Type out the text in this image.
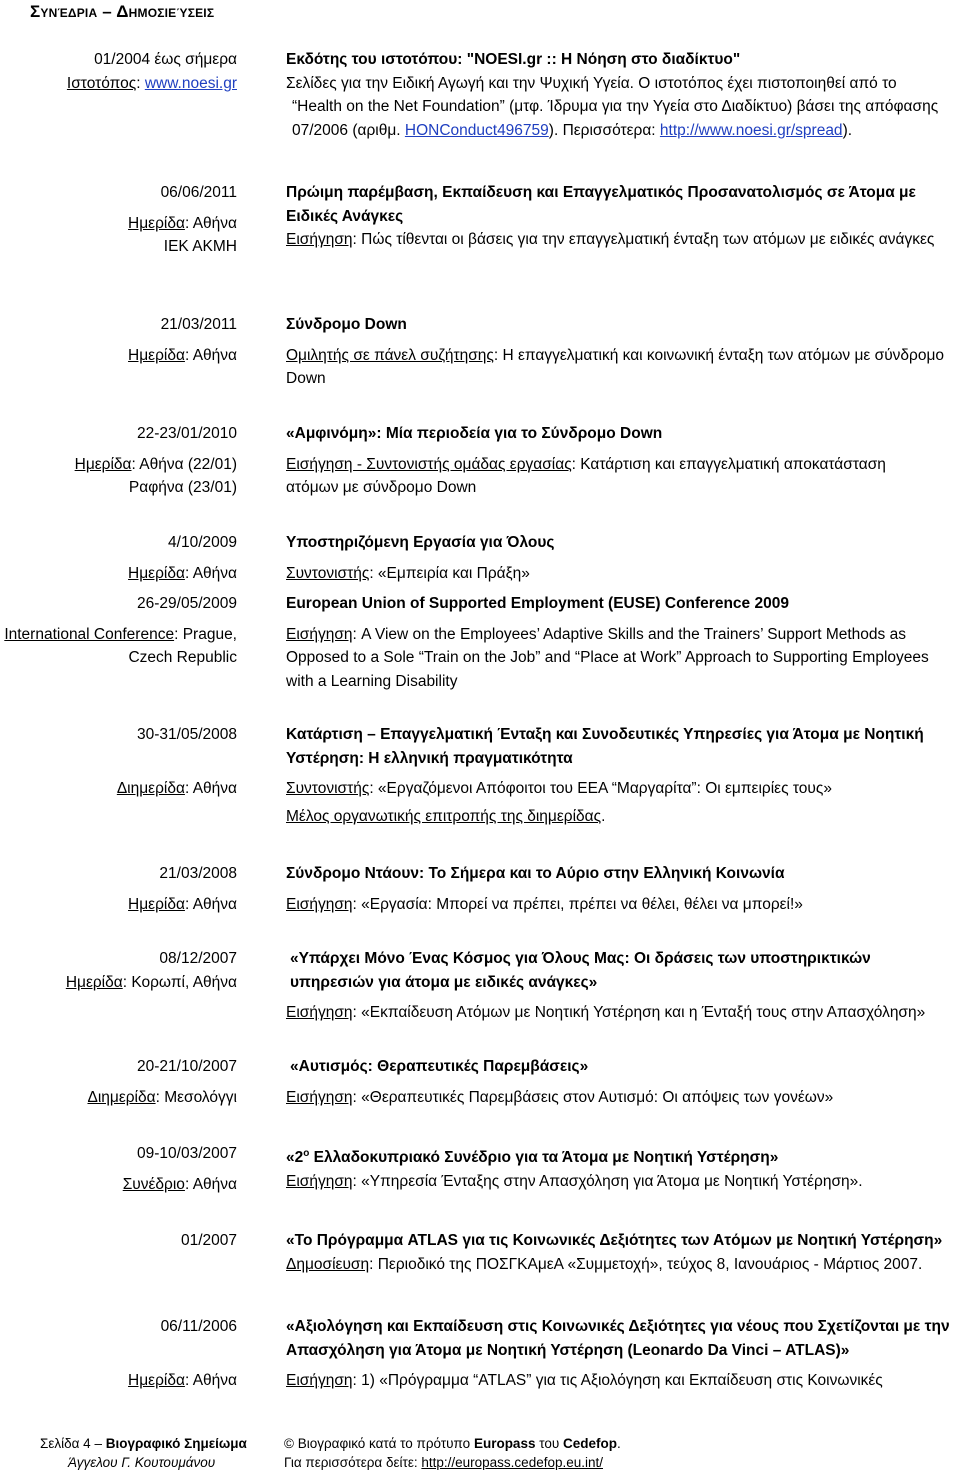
Συνέδρια – Δημοσιεύσεις
01/2004 έως σήμερα
Ιστοτόπος: www.noesi.gr
Εκδότης του ιστοτόπου: "NOESI.gr :: Η Νόηση στο διαδίκτυο"
Σελίδες για την Ειδική Αγωγή και την Ψυχική Υγεία. Ο ιστοτόπος έχει πιστοποιηθεί από το
“Health on the Net Foundation” (μτφ. Ίδρυμα για την Υγεία στο Διαδίκτυο) βάσει της απόφασης
07/2006 (αριθμ. HONConduct496759). Περισσότερα: http://www.noesi.gr/spread).
06/06/2011
Ημερίδα: Αθήνα
ΙΕΚ ΑΚΜΗ
Πρώιμη παρέμβαση, Εκπαίδευση και Επαγγελματικός Προσανατολισμός σε Άτομα με
Ειδικές Ανάγκες
Εισήγηση: Πώς τίθενται οι βάσεις για την επαγγελματική ένταξη των ατόμων με ειδικές ανάγκες
21/03/2011
Ημερίδα: Αθήνα
Σύνδρομο Down
Ομιλητής σε πάνελ συζήτησης: Η επαγγελματική και κοινωνική ένταξη των ατόμων με σύνδρομο
Down
22-23/01/2010
Ημερίδα: Αθήνα (22/01)
Ραφήνα (23/01)
«Αμφινόμη»: Μία περιοδεία για το Σύνδρομο Down
Εισήγηση - Συντονιστής ομάδας εργασίας: Κατάρτιση και επαγγελματική αποκατάσταση
ατόμων με σύνδρομο Down
4/10/2009
Ημερίδα: Αθήνα
Υποστηριζόμενη Εργασία για Όλους
Συντονιστής: «Εμπειρία και Πράξη»
26-29/05/2009
International Conference: Prague,
Czech Republic
European Union of Supported Employment (EUSE) Conference 2009
Εισήγηση: A View on the Employees’ Adaptive Skills and the Trainers’ Support Methods as
Opposed to a Sole “Train on the Job” and “Place at Work” Approach to Supporting Employees
with a Learning Disability
30-31/05/2008
Διημερίδα: Αθήνα
Κατάρτιση – Επαγγελματική Ένταξη και Συνοδευτικές Υπηρεσίες για Άτομα με Νοητική
Υστέρηση: Η ελληνική πραγματικότητα
Συντονιστής: «Εργαζόμενοι Απόφοιτοι του ΕΕΑ “Μαργαρίτα”: Οι εμπειρίες τους»
Μέλος οργανωτικής επιτροπής της διημερίδας.
21/03/2008
Ημερίδα: Αθήνα
Σύνδρομο Ντάουν: Το Σήμερα και το Αύριο στην Ελληνική Κοινωνία
Εισήγηση: «Εργασία: Μπορεί να πρέπει, πρέπει να θέλει, θέλει να μπορεί!»
08/12/2007
Ημερίδα: Κορωπί, Αθήνα
«Υπάρχει Μόνο Ένας Κόσμος για Όλους Μας: Οι δράσεις των υποστηρικτικών
υπηρεσιών για άτομα με ειδικές ανάγκες»
Εισήγηση: «Εκπαίδευση Ατόμων με Νοητική Υστέρηση και η Ένταξή τους στην Απασχόληση»
20-21/10/2007
Διημερίδα: Μεσολόγγι
«Αυτισμός: Θεραπευτικές Παρεμβάσεις»
Εισήγηση: «Θεραπευτικές Παρεμβάσεις στον Αυτισμό: Οι απόψεις των γονέων»
09-10/03/2007
Συνέδριο: Αθήνα
«$2^o$ Ελλαδοκυπριακό Συνέδριο για τα Άτομα με Νοητική Υστέρηση»
Εισήγηση: «Υπηρεσία Ένταξης στην Απασχόληση για Άτομα με Νοητική Υστέρηση».
01/2007	«Το Πρόγραμμα ATLAS για τις Κοινωνικές Δεξιότητες των Ατόμων με Νοητική Υστέρηση»
Δημοσίευση: Περιοδικό της ΠΟΣΓΚΑμεΑ «Συμμετοχή», τεύχος 8, Ιανουάριος - Μάρτιος 2007.
06/11/2006
Ημερίδα: Αθήνα
«Αξιολόγηση και Εκπαίδευση στις Κοινωνικές Δεξιότητες για νέους που Σχετίζονται με την
Απασχόληση για Άτομα με Νοητική Υστέρηση (Leonardo Da Vinci – ATLAS)»
Εισήγηση: 1) «Πρόγραμμα “ATLAS” για τις Αξιολόγηση και Εκπαίδευση στις Κοινωνικές
Σελίδα 4 – Βιογραφικό Σημείωμα
Άγγελου Γ. Κουτουμάνου
© Βιογραφικό κατά το πρότυπο Europass του Cedefop.
Για περισσότερα δείτε: http://europass.cedefop.eu.int/
